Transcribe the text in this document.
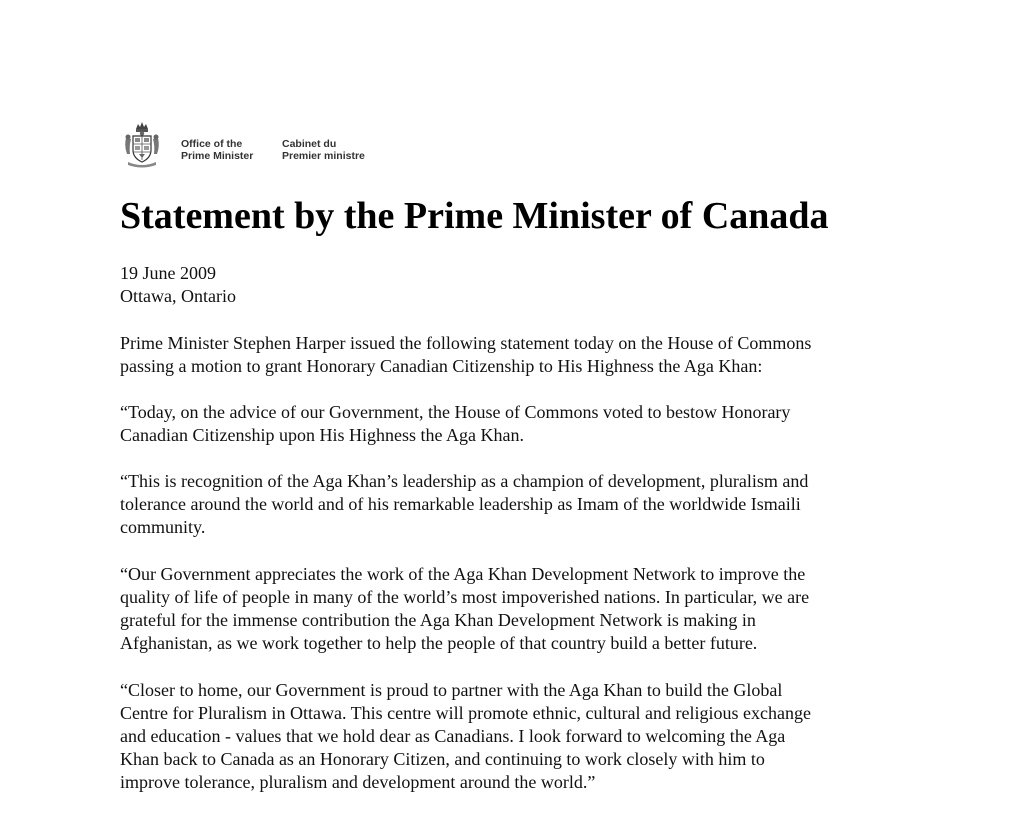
Office of the
Prime Minister
Cabinet du
Premier ministre
Statement by the Prime Minister of Canada

19 June 2009
Ottawa, Ontario

Prime Minister Stephen Harper issued the following statement today on the House of Commons
passing a motion to grant Honorary Canadian Citizenship to His Highness the Aga Khan:

“Today, on the advice of our Government, the House of Commons voted to bestow Honorary
Canadian Citizenship upon His Highness the Aga Khan.

“This is recognition of the Aga Khan’s leadership as a champion of development, pluralism and
tolerance around the world and of his remarkable leadership as Imam of the worldwide Ismaili
community.

“Our Government appreciates the work of the Aga Khan Development Network to improve the
quality of life of people in many of the world’s most impoverished nations. In particular, we are
grateful for the immense contribution the Aga Khan Development Network is making in
Afghanistan, as we work together to help the people of that country build a better future.

“Closer to home, our Government is proud to partner with the Aga Khan to build the Global
Centre for Pluralism in Ottawa. This centre will promote ethnic, cultural and religious exchange
and education - values that we hold dear as Canadians. I look forward to welcoming the Aga
Khan back to Canada as an Honorary Citizen, and continuing to work closely with him to
improve tolerance, pluralism and development around the world.”
